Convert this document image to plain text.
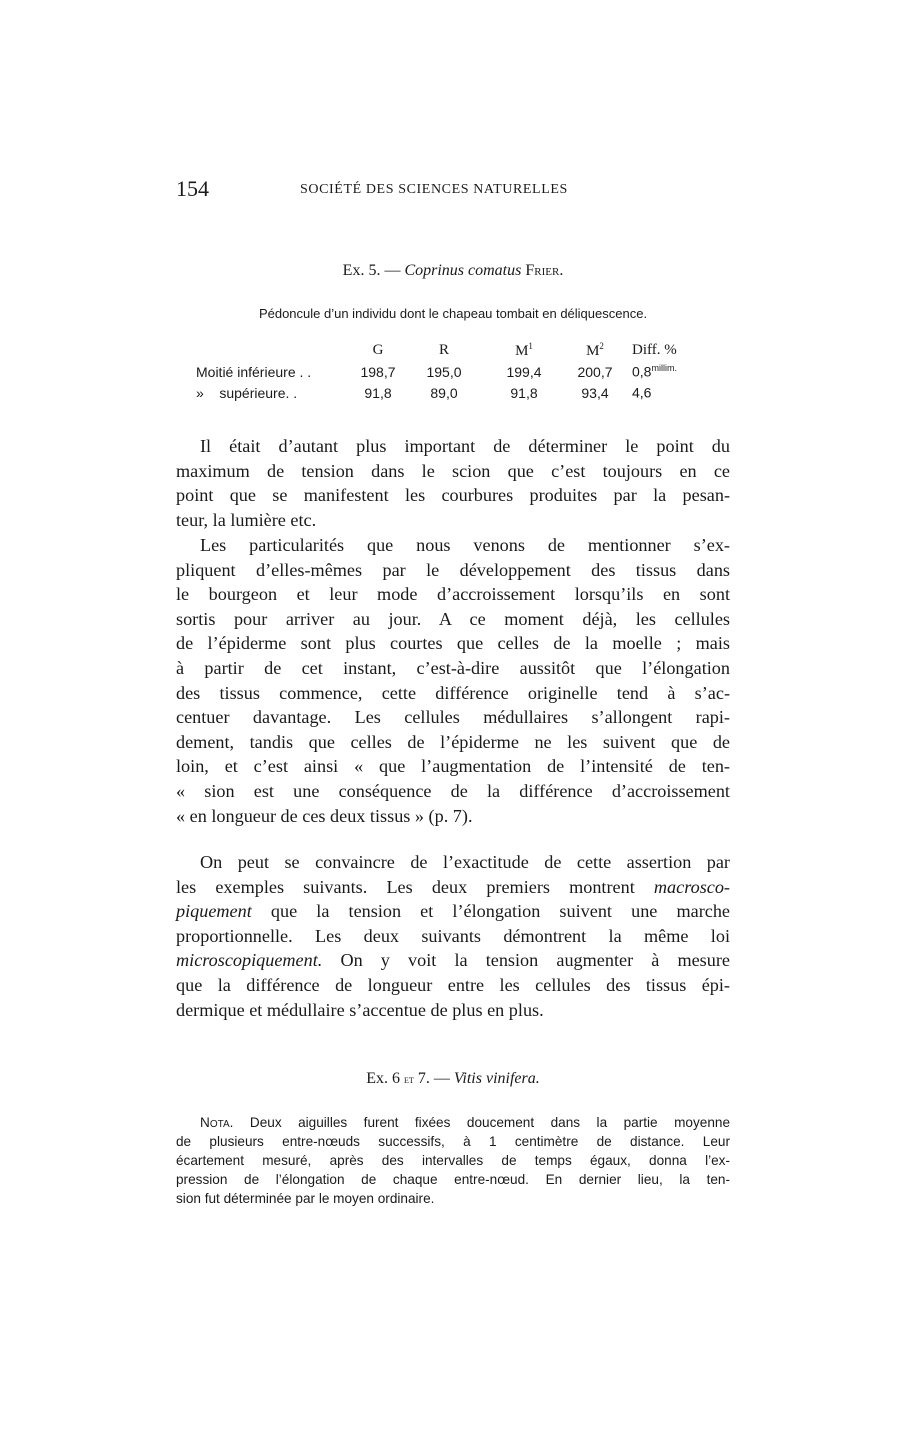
154	SOCIÉTÉ DES SCIENCES NATURELLES

Ex. 5. — Coprinus comatus Frier.

Pédoncule d’un individu dont le chapeau tombait en déliquescence.

	G	R	$M^1$	$M^2$	Diff. %
Moitié inférieure . .	198,7	195,0	199,4	200,7	$0,8^{millim.}$
»    supérieure. .	91,8	89,0	91,8	93,4	4,6
Il était d’autant plus important de déterminer le point du
maximum de tension dans le scion que c’est toujours en ce
point que se manifestent les courbures produites par la pesan-
teur, la lumière etc.
Les particularités que nous venons de mentionner s’ex-
pliquent d’elles-mêmes par le développement des tissus dans
le bourgeon et leur mode d’accroissement lorsqu’ils en sont
sortis pour arriver au jour. A ce moment déjà, les cellules
de l’épiderme sont plus courtes que celles de la moelle ; mais
à partir de cet instant, c’est-à-dire aussitôt que l’élongation
des tissus commence, cette différence originelle tend à s’ac-
centuer davantage. Les cellules médullaires s’allongent rapi-
dement, tandis que celles de l’épiderme ne les suivent que de
loin, et c’est ainsi « que l’augmentation de l’intensité de ten-
« sion est une conséquence de la différence d’accroissement
« en longueur de ces deux tissus » (p. 7).
On peut se convaincre de l’exactitude de cette assertion par
les exemples suivants. Les deux premiers montrent macrosco-
piquement que la tension et l’élongation suivent une marche
proportionnelle. Les deux suivants démontrent la même loi
microscopiquement. On y voit la tension augmenter à mesure
que la différence de longueur entre les cellules des tissus épi-
dermique et médullaire s’accentue de plus en plus.

Ex. 6 et 7. — Vitis vinifera.

Nota. Deux aiguilles furent fixées doucement dans la partie moyenne
de plusieurs entre-nœuds successifs, à 1 centimètre de distance. Leur
écartement mesuré, après des intervalles de temps égaux, donna l’ex-
pression de l’élongation de chaque entre-nœud. En dernier lieu, la ten-
sion fut déterminée par le moyen ordinaire.
